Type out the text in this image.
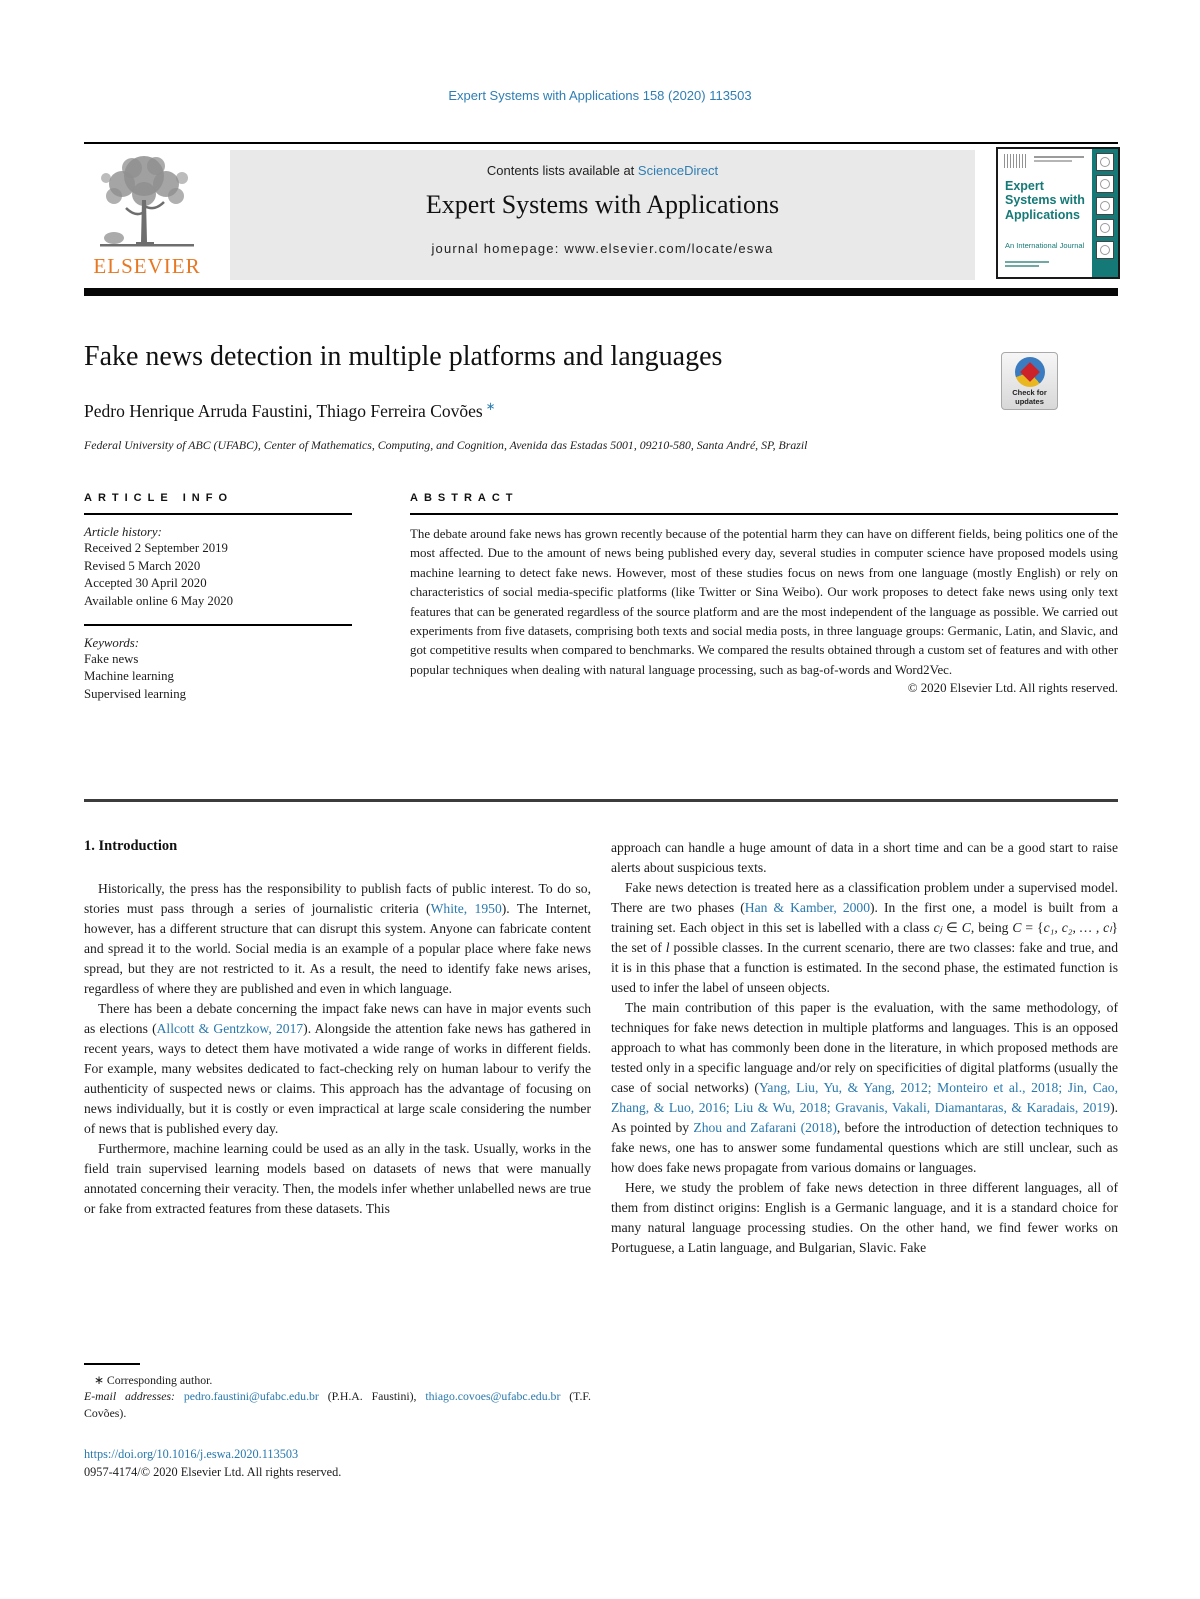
Expert Systems with Applications 158 (2020) 113503
ELSEVIER
Contents lists available at ScienceDirect
Expert Systems with Applications
journal homepage: www.elsevier.com/locate/eswa
Expert Systems with Applications
An International Journal
Fake news detection in multiple platforms and languages
Check for
updates
Pedro Henrique Arruda Faustini, Thiago Ferreira Covões ∗
Federal University of ABC (UFABC), Center of Mathematics, Computing, and Cognition, Avenida das Estadas 5001, 09210-580, Santa André, SP, Brazil
ARTICLE INFO
Article history:
Received 2 September 2019
Revised 5 March 2020
Accepted 30 April 2020
Available online 6 May 2020
Keywords:
Fake news
Machine learning
Supervised learning
ABSTRACT
The debate around fake news has grown recently because of the potential harm they can have on different fields, being politics one of the most affected. Due to the amount of news being published every day, several studies in computer science have proposed models using machine learning to detect fake news. However, most of these studies focus on news from one language (mostly English) or rely on characteristics of social media-specific platforms (like Twitter or Sina Weibo). Our work proposes to detect fake news using only text features that can be generated regardless of the source platform and are the most independent of the language as possible. We carried out experiments from five datasets, comprising both texts and social media posts, in three language groups: Germanic, Latin, and Slavic, and got competitive results when compared to benchmarks. We compared the results obtained through a custom set of features and with other popular techniques when dealing with natural language processing, such as bag-of-words and Word2Vec.
© 2020 Elsevier Ltd. All rights reserved.
1. Introduction

Historically, the press has the responsibility to publish facts of public interest. To do so, stories must pass through a series of journalistic criteria (White, 1950). The Internet, however, has a different structure that can disrupt this system. Anyone can fabricate content and spread it to the world. Social media is an example of a popular place where fake news spread, but they are not restricted to it. As a result, the need to identify fake news arises, regardless of where they are published and even in which language.

There has been a debate concerning the impact fake news can have in major events such as elections (Allcott & Gentzkow, 2017). Alongside the attention fake news has gathered in recent years, ways to detect them have motivated a wide range of works in different fields. For example, many websites dedicated to fact-checking rely on human labour to verify the authenticity of suspected news or claims. This approach has the advantage of focusing on news individually, but it is costly or even impractical at large scale considering the number of news that is published every day.

Furthermore, machine learning could be used as an ally in the task. Usually, works in the field train supervised learning models based on datasets of news that were manually annotated concerning their veracity. Then, the models infer whether unlabelled news are true or fake from extracted features from these datasets. This

approach can handle a huge amount of data in a short time and can be a good start to raise alerts about suspicious texts.

Fake news detection is treated here as a classification problem under a supervised model. There are two phases (Han & Kamber, 2000). In the first one, a model is built from a training set. Each object in this set is labelled with a class cⱼ ∈ C, being C = {c₁, c₂, … , cₗ} the set of l possible classes. In the current scenario, there are two classes: fake and true, and it is in this phase that a function is estimated. In the second phase, the estimated function is used to infer the label of unseen objects.

The main contribution of this paper is the evaluation, with the same methodology, of techniques for fake news detection in multiple platforms and languages. This is an opposed approach to what has commonly been done in the literature, in which proposed methods are tested only in a specific language and/or rely on specificities of digital platforms (usually the case of social networks) (Yang, Liu, Yu, & Yang, 2012; Monteiro et al., 2018; Jin, Cao, Zhang, & Luo, 2016; Liu & Wu, 2018; Gravanis, Vakali, Diamantaras, & Karadais, 2019). As pointed by Zhou and Zafarani (2018), before the introduction of detection techniques to fake news, one has to answer some fundamental questions which are still unclear, such as how does fake news propagate from various domains or languages.

Here, we study the problem of fake news detection in three different languages, all of them from distinct origins: English is a Germanic language, and it is a standard choice for many natural language processing studies. On the other hand, we find fewer works on Portuguese, a Latin language, and Bulgarian, Slavic. Fake

∗ Corresponding author.
E-mail addresses: pedro.faustini@ufabc.edu.br (P.H.A. Faustini), thiago.covoes@ufabc.edu.br (T.F. Covões).
https://doi.org/10.1016/j.eswa.2020.113503
0957-4174/© 2020 Elsevier Ltd. All rights reserved.
